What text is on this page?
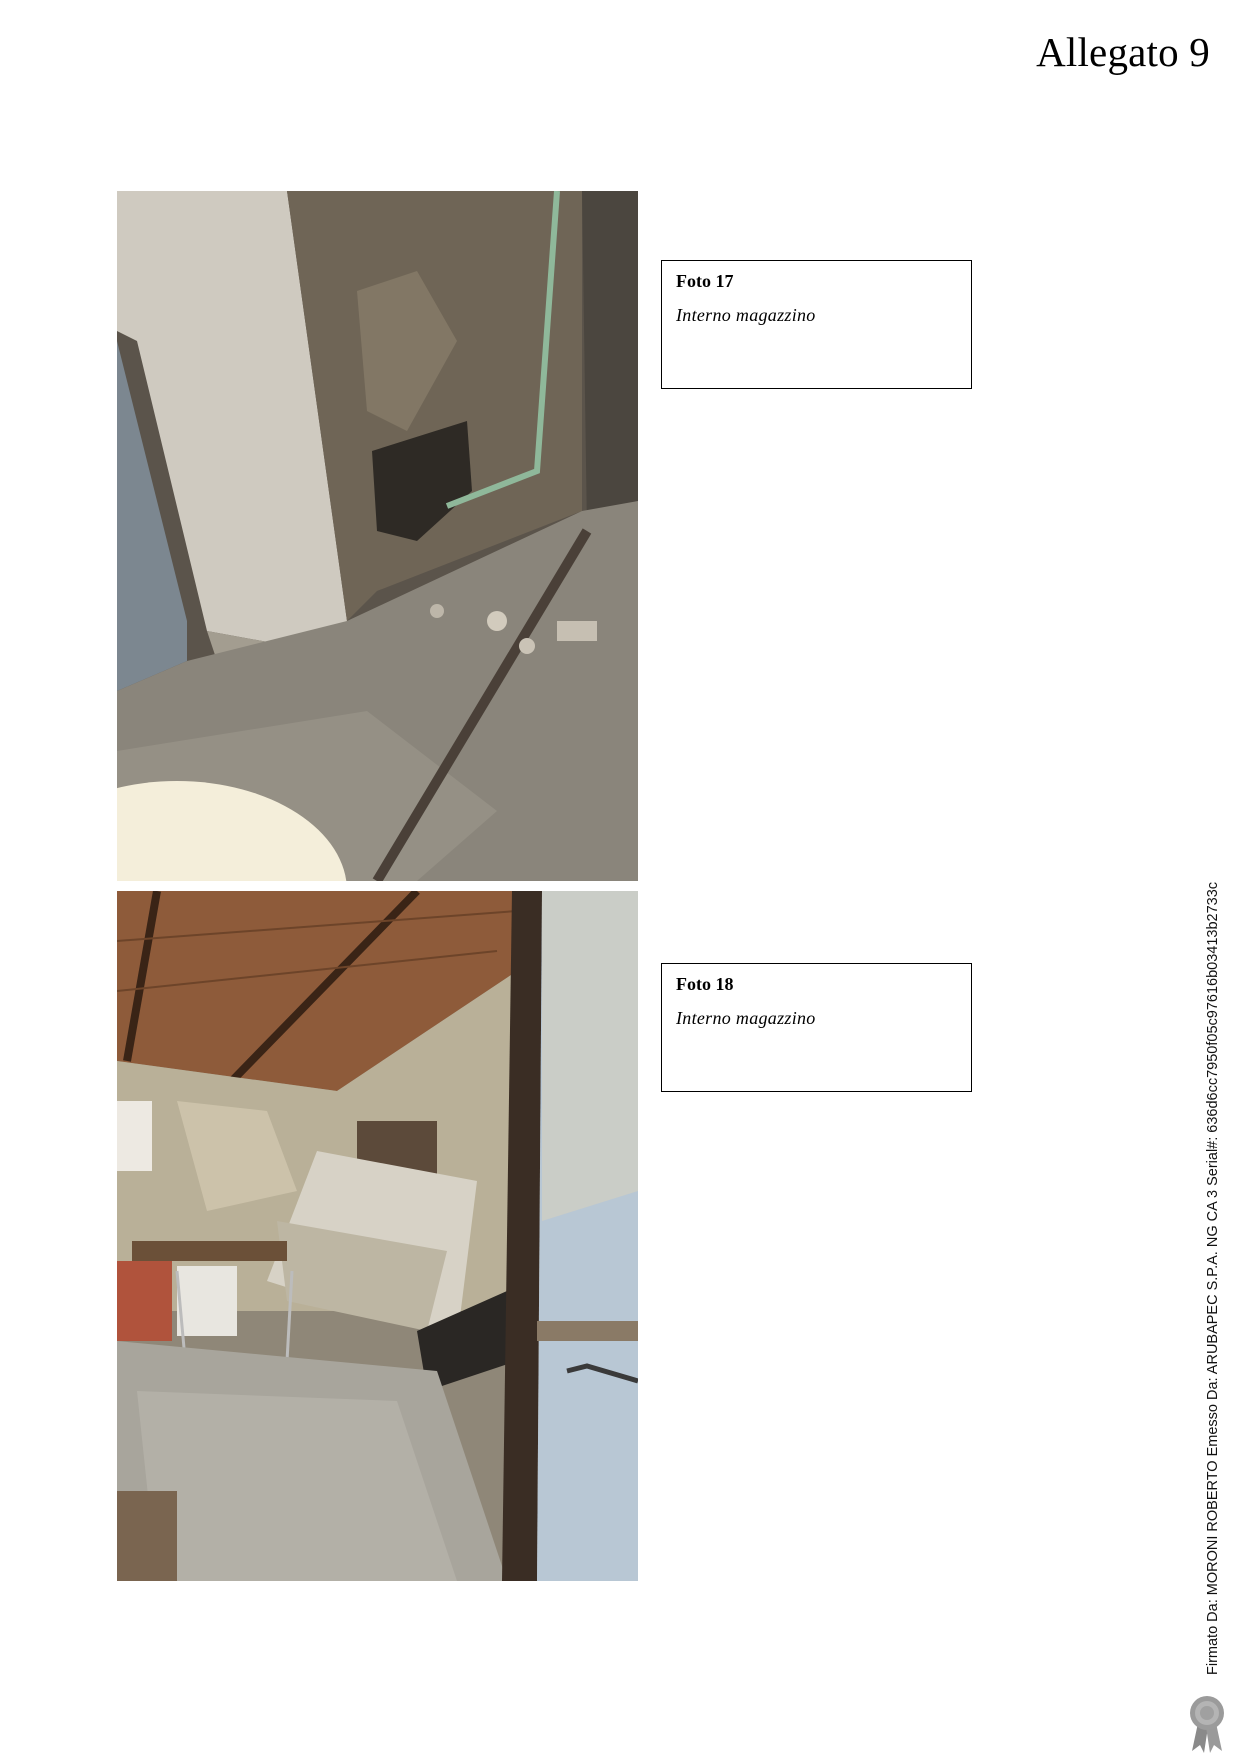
Allegato 9
Foto 17
Interno magazzino
Foto 18
Interno magazzino	Firmato Da: MORONI ROBERTO Emesso Da: ARUBAPEC S.P.A. NG CA 3 Serial#: 636d6cc7950f05c97616b03413b2733c
